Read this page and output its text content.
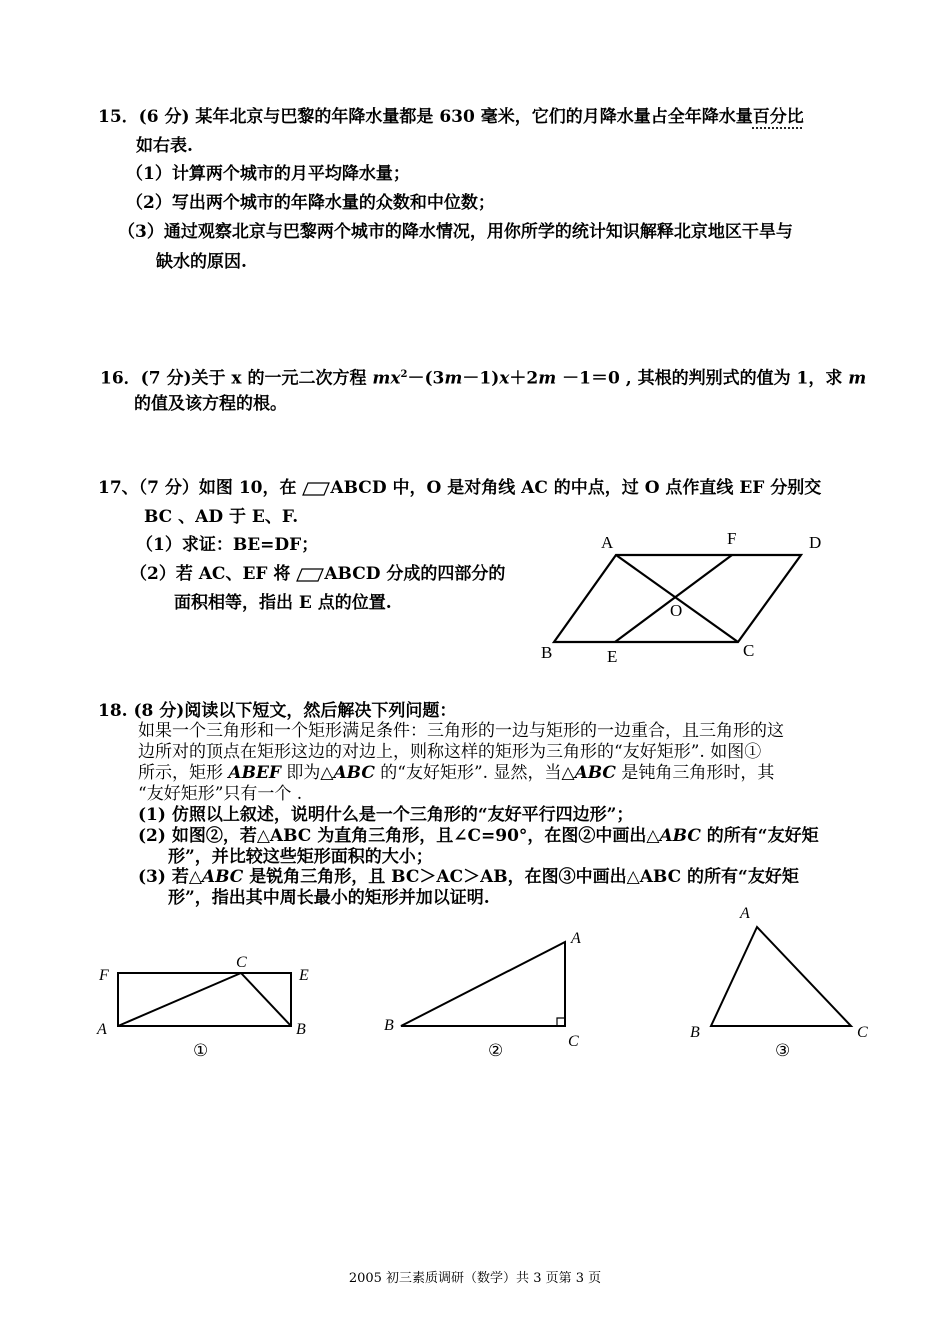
15．(6 分) 某年北京与巴黎的年降水量都是 630 毫米，它们的月降水量占全年降水量百分比
如右表.
（1）计算两个城市的月平均降水量；
（2）写出两个城市的年降水量的众数和中位数；
（3）通过观察北京与巴黎两个城市的降水情况，用你所学的统计知识解释北京地区干旱与
缺水的原因.
16．(7 分)关于 x 的一元二次方程 $mx^2-(3m-1)x+2m -1=0$ , 其根的判别式的值为 1，求 m
的值及该方程的根。
17、（7 分）如图 10，在 ABCD 中，O 是对角线 AC 的中点，过 O 点作直线 EF 分别交
BC 、AD 于 E、F.
（1）求证：BE=DF；
（2）若 AC、EF 将 ABCD 分成的四部分的
面积相等，指出 E 点的位置.
18. (8 分)阅读以下短文，然后解决下列问题：
如果一个三角形和一个矩形满足条件：三角形的一边与矩形的一边重合，且三角形的这
边所对的顶点在矩形这边的对边上，则称这样的矩形为三角形的“友好矩形”. 如图①
所示，矩形 ABEF 即为△ABC 的“友好矩形”. 显然，当△ABC 是钝角三角形时，其
“友好矩形”只有一个 .
(1) 仿照以上叙述，说明什么是一个三角形的“友好平行四边形”；
(2) 如图②，若△ABC 为直角三角形，且∠C=90°，在图②中画出△ABC 的所有“友好矩
形”，并比较这些矩形面积的大小；
(3) 若△ABC 是锐角三角形，且 BC＞AC＞AB，在图③中画出△ABC 的所有“友好矩
形”，指出其中周长最小的矩形并加以证明.
A	F	D
O
B	E	C
F
C
E
A	B
①
A
B
C
②
A
B	C
③
2005 初三素质调研（数学）共 3 页第 3 页
